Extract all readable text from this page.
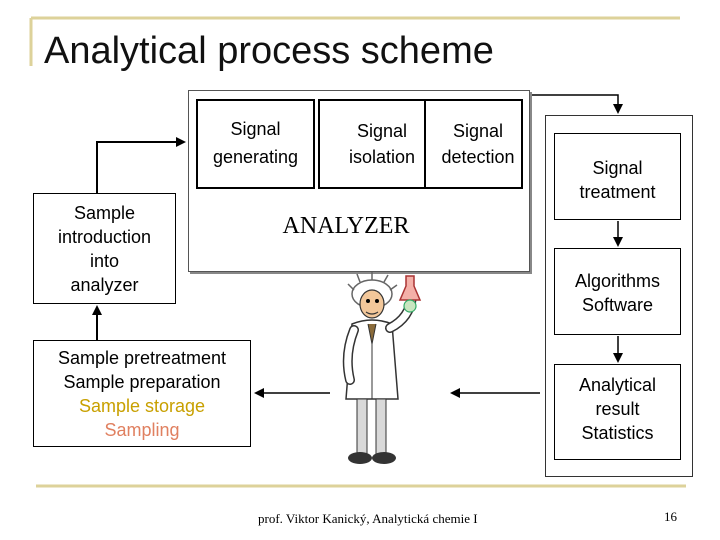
Analytical process scheme
Signal
generating
Signal
isolation
Signal
detection
ANALYZER
Sample
introduction
into
analyzer
Sample pretreatment
Sample preparation
Sample storage
Sampling
Signal
treatment
Algorithms
Software
Analytical
result
Statistics
prof. Viktor Kanický, Analytická chemie I	16
